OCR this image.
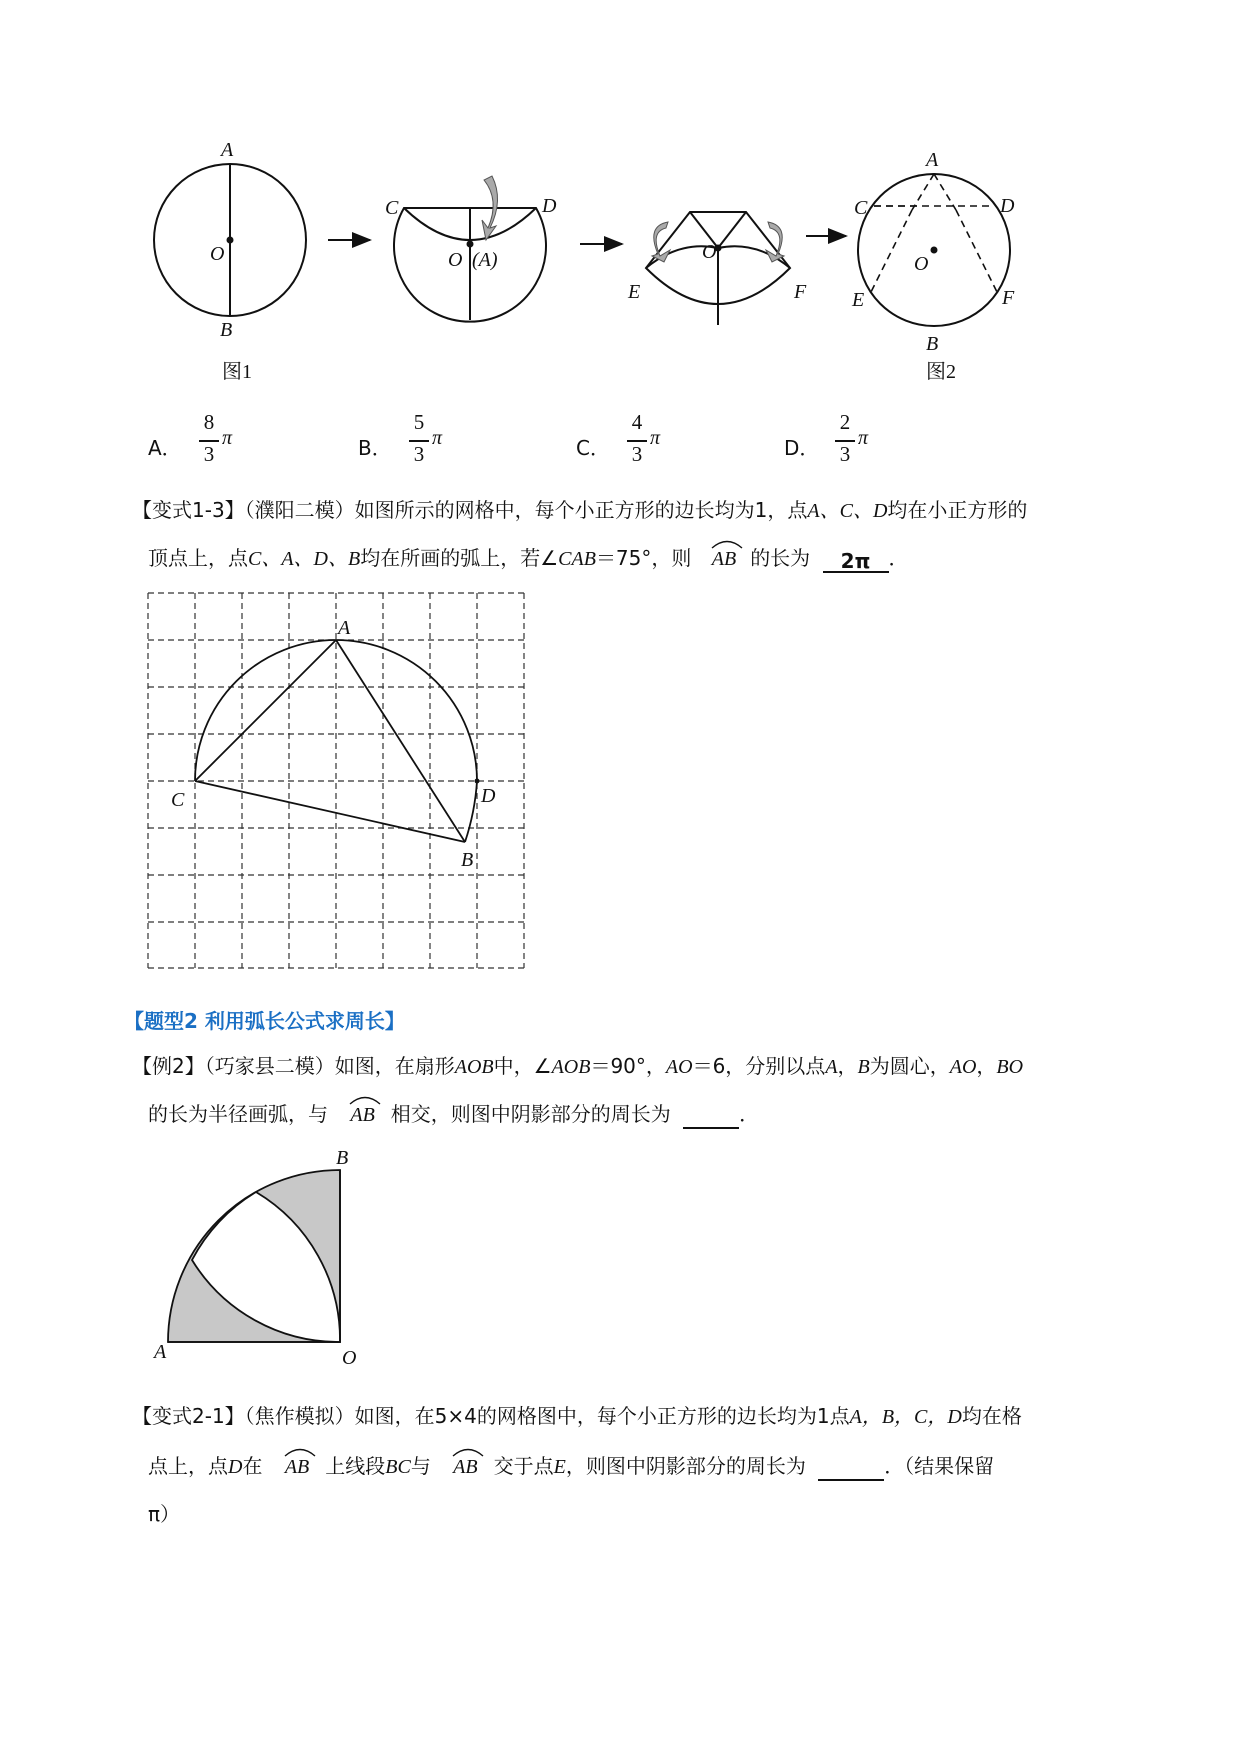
A
O
B
C	D
O (A)	O
E	F
A
C	D
O
E	F
B
图1	图2
A．
8
3
π	B．
5
3
π	C．
4
3
π	D．
2
3
π
【变式1-3】（濮阳二模）如图所示的网格中，每个小正方形的边长均为1，点A、C、D均在小正方形的
顶点上，点C、A、D、B均在所画的弧上，若∠CAB＝75°，则 AB 的长为 2π ．
A
C	D
B
【题型2 利用弧长公式求周长】
【例2】（巧家县二模）如图，在扇形AOB中，∠AOB＝90°，AO＝6，分别以点A，B为圆心，AO，BO
的长为半径画弧，与 AB 相交，则图中阴影部分的周长为	．
B
A	O
【变式2-1】（焦作模拟）如图，在5×4的网格图中，每个小正方形的边长均为1点A，B，C，D均在格
点上，点D在 AB 上线段BC与 AB 交于点E，则图中阴影部分的周长为	．（结果保留
π）
